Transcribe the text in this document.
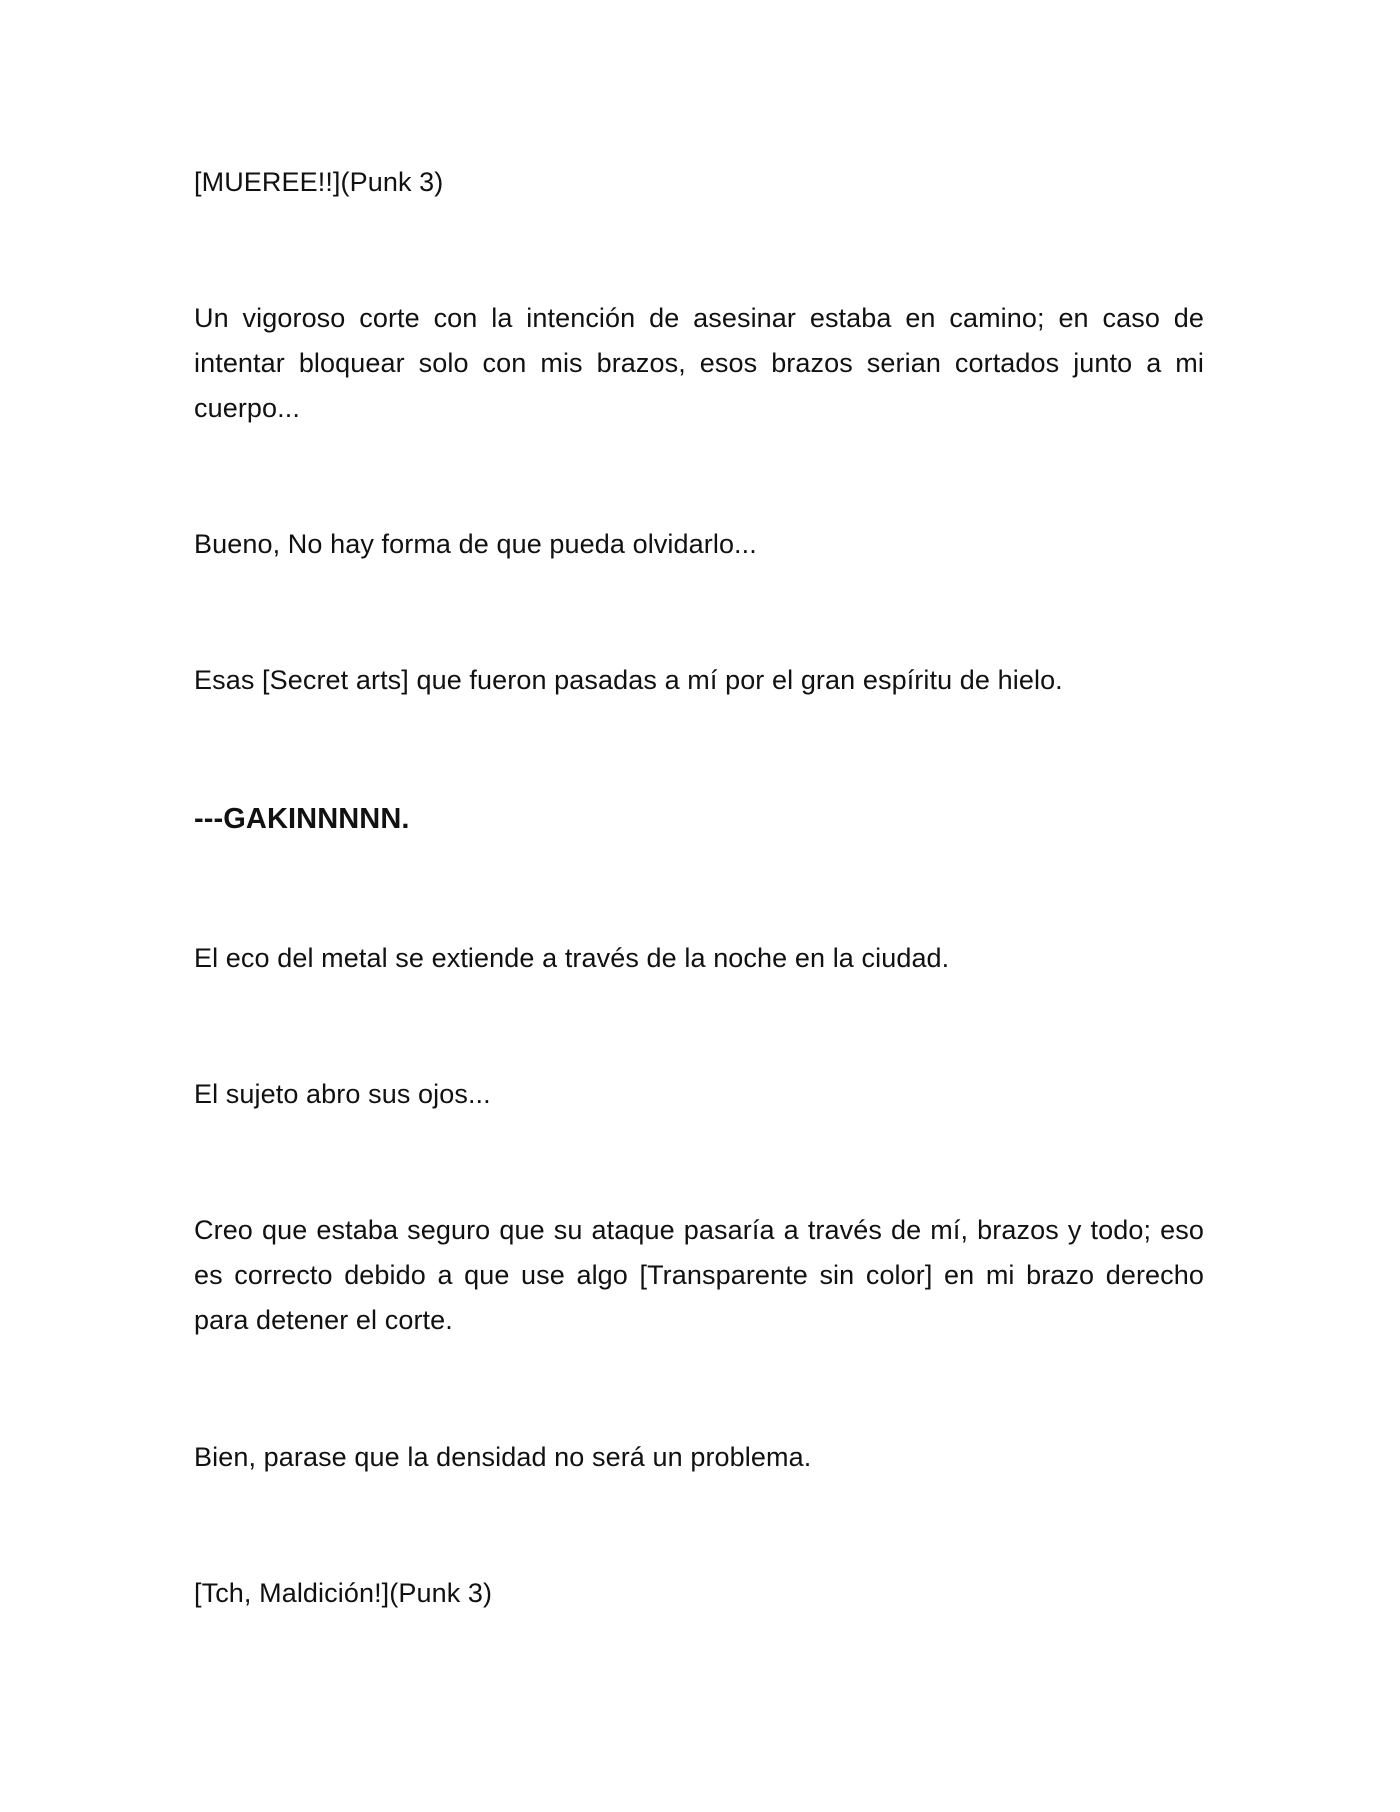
[MUEREE!!](Punk 3)

Un vigoroso corte con la intención de asesinar estaba en camino; en caso de intentar bloquear solo con mis brazos, esos brazos serian cortados junto a mi cuerpo...

Bueno, No hay forma de que pueda olvidarlo...

Esas [Secret arts] que fueron pasadas a mí por el gran espíritu de hielo.

---GAKINNNNN.

El eco del metal se extiende a través de la noche en la ciudad.

El sujeto abro sus ojos...

Creo que estaba seguro que su ataque pasaría a través de mí, brazos y todo; eso es correcto debido a que use algo [Transparente sin color] en mi brazo derecho para detener el corte.

Bien, parase que la densidad no será un problema.

[Tch, Maldición!](Punk 3)
